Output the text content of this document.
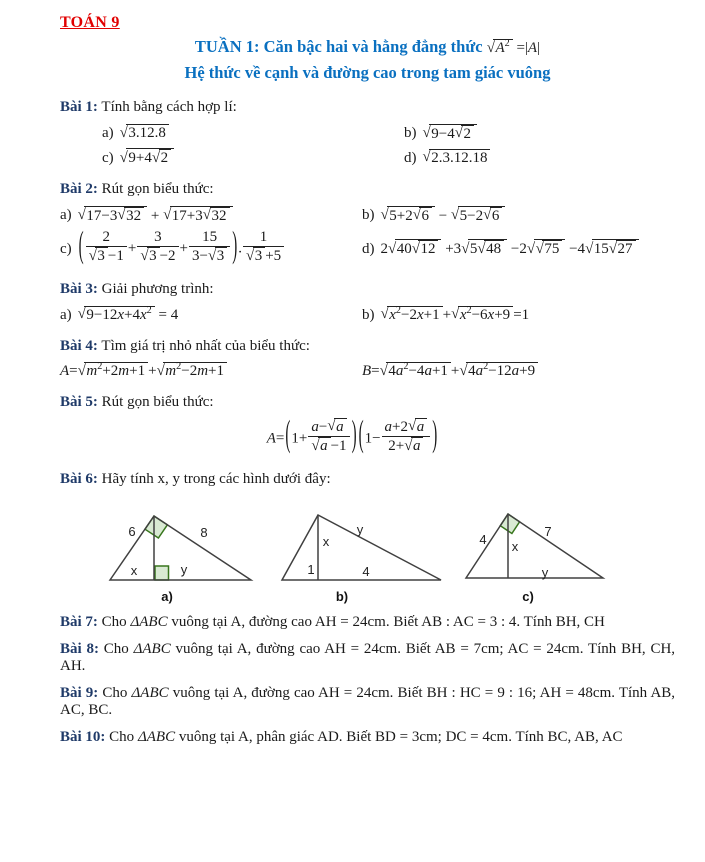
TOÁN 9
TUẦN 1: Căn bậc hai và hằng đẳng thức $√A^2 =|A|$
Hệ thức về cạnh và đường cao trong tam giác vuông
Bài 1: Tính bằng cách hợp lí:
a) √3.12.8	b) √9−4√2
c) √9+4√2	d) √2.3.12.18
Bài 2: Rút gọn biểu thức:
a) √17−3√32 + √17+3√32	b) √5+2√6 − √5−2√6
c) ( $\frac{2}{√3 -1} + \frac{3}{√3 -2} + \frac{15}{3-√3}$ ). $\frac{1}{√3 +5}$	d) 2√40√12 +3√5√48 −2√√75 −4√15√27
Bài 3: Giải phương trình:
a) $√9-12x+4x^2 = 4$	b) $√x^2-2x+1 +√x^2-6x+9 =1$
Bài 4: Tìm giá trị nhỏ nhất của biểu thức:
$A=√m^2+2m+1 +√m^2-2m+1$	$B=√4a^2-4a+1 +√4a^2-12a+9$
Bài 5: Rút gọn biểu thức:
$A=(1+ \frac{a-√a}{√a -1}$ ) ($1- \frac{a+2√a}{2+√a}$ )
Bài 6: Hãy tính x, y trong các hình dưới đây:
6	8
x	y
a)
y
x
1	4
b)
4
7
x
y
c)
Bài 7: Cho ΔABC vuông tại A, đường cao AH = 24cm. Biết AB : AC = 3 : 4. Tính BH, CH
Bài 8: Cho ΔABC vuông tại A, đường cao AH = 24cm. Biết AB = 7cm; AC = 24cm. Tính BH, CH, AH.
Bài 9: Cho ΔABC vuông tại A, đường cao AH = 24cm. Biết BH : HC = 9 : 16; AH = 48cm. Tính AB, AC, BC.
Bài 10: Cho ΔABC vuông tại A, phân giác AD. Biết BD = 3cm; DC = 4cm. Tính BC, AB, AC
